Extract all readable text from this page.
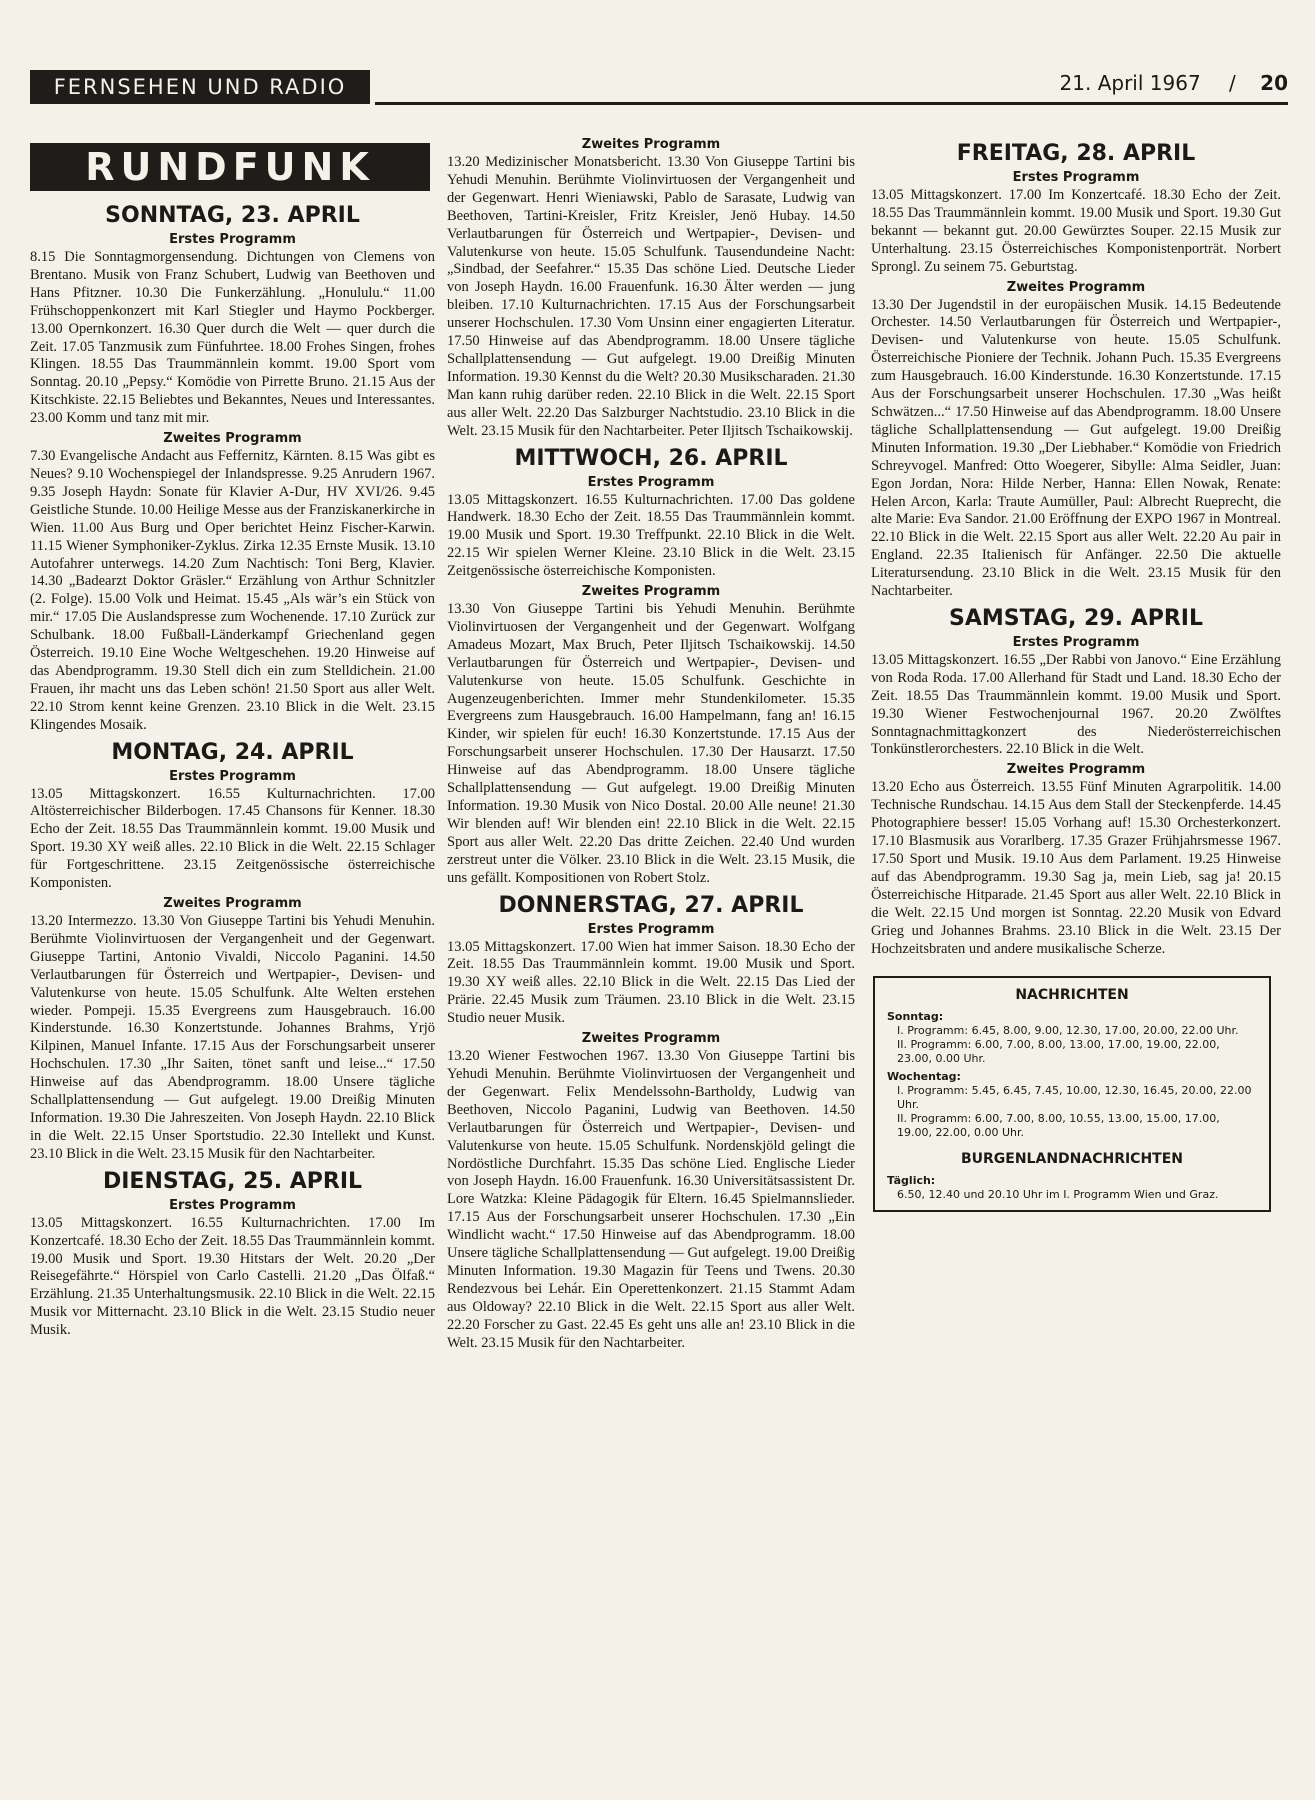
FERNSEHEN UND RADIO	21. April 1967 / 20
RUNDFUNK
SONNTAG, 23. APRIL
Erstes Programm

8.15 Die Sonntagmorgensendung. Dichtungen von Clemens von Brentano. Musik von Franz Schubert, Ludwig van Beethoven und Hans Pfitzner. 10.30 Die Funkerzählung. „Honululu.“ 11.00 Frühschoppenkonzert mit Karl Stiegler und Haymo Pockberger. 13.00 Opernkonzert. 16.30 Quer durch die Welt — quer durch die Zeit. 17.05 Tanzmusik zum Fünfuhrtee. 18.00 Frohes Singen, frohes Klingen. 18.55 Das Traummännlein kommt. 19.00 Sport vom Sonntag. 20.10 „Pepsy.“ Komödie von Pirrette Bruno. 21.15 Aus der Kitschkiste. 22.15 Beliebtes und Bekanntes, Neues und Interessantes. 23.00 Komm und tanz mit mir.

Zweites Programm

7.30 Evangelische Andacht aus Feffernitz, Kärnten. 8.15 Was gibt es Neues? 9.10 Wochenspiegel der Inlandspresse. 9.25 Anrudern 1967. 9.35 Joseph Haydn: Sonate für Klavier A-Dur, HV XVI/26. 9.45 Geistliche Stunde. 10.00 Heilige Messe aus der Franziskanerkirche in Wien. 11.00 Aus Burg und Oper berichtet Heinz Fischer-Karwin. 11.15 Wiener Symphoniker-Zyklus. Zirka 12.35 Ernste Musik. 13.10 Autofahrer unterwegs. 14.20 Zum Nachtisch: Toni Berg, Klavier. 14.30 „Badearzt Doktor Gräsler.“ Erzählung von Arthur Schnitzler (2. Folge). 15.00 Volk und Heimat. 15.45 „Als wär’s ein Stück von mir.“ 17.05 Die Auslandspresse zum Wochenende. 17.10 Zurück zur Schulbank. 18.00 Fußball-Länderkampf Griechenland gegen Österreich. 19.10 Eine Woche Weltgeschehen. 19.20 Hinweise auf das Abendprogramm. 19.30 Stell dich ein zum Stelldichein. 21.00 Frauen, ihr macht uns das Leben schön! 21.50 Sport aus aller Welt. 22.10 Strom kennt keine Grenzen. 23.10 Blick in die Welt. 23.15 Klingendes Mosaik.

MONTAG, 24. APRIL
Erstes Programm

13.05 Mittagskonzert. 16.55 Kulturnachrichten. 17.00 Altösterreichischer Bilderbogen. 17.45 Chansons für Kenner. 18.30 Echo der Zeit. 18.55 Das Traummännlein kommt. 19.00 Musik und Sport. 19.30 XY weiß alles. 22.10 Blick in die Welt. 22.15 Schlager für Fortgeschrittene. 23.15 Zeitgenössische österreichische Komponisten.

Zweites Programm

13.20 Intermezzo. 13.30 Von Giuseppe Tartini bis Yehudi Menuhin. Berühmte Violinvirtuosen der Vergangenheit und der Gegenwart. Giuseppe Tartini, Antonio Vivaldi, Niccolo Paganini. 14.50 Verlautbarungen für Österreich und Wertpapier-, Devisen- und Valutenkurse von heute. 15.05 Schulfunk. Alte Welten erstehen wieder. Pompeji. 15.35 Evergreens zum Hausgebrauch. 16.00 Kinderstunde. 16.30 Konzertstunde. Johannes Brahms, Yrjö Kilpinen, Manuel Infante. 17.15 Aus der Forschungsarbeit unserer Hochschulen. 17.30 „Ihr Saiten, tönet sanft und leise...“ 17.50 Hinweise auf das Abendprogramm. 18.00 Unsere tägliche Schallplattensendung — Gut aufgelegt. 19.00 Dreißig Minuten Information. 19.30 Die Jahreszeiten. Von Joseph Haydn. 22.10 Blick in die Welt. 22.15 Unser Sportstudio. 22.30 Intellekt und Kunst. 23.10 Blick in die Welt. 23.15 Musik für den Nachtarbeiter.

DIENSTAG, 25. APRIL
Erstes Programm

13.05 Mittagskonzert. 16.55 Kulturnachrichten. 17.00 Im Konzertcafé. 18.30 Echo der Zeit. 18.55 Das Traummännlein kommt. 19.00 Musik und Sport. 19.30 Hitstars der Welt. 20.20 „Der Reisegefährte.“ Hörspiel von Carlo Castelli. 21.20 „Das Ölfaß.“ Erzählung. 21.35 Unterhaltungsmusik. 22.10 Blick in die Welt. 22.15 Musik vor Mitternacht. 23.10 Blick in die Welt. 23.15 Studio neuer Musik.

Zweites Programm

13.20 Medizinischer Monatsbericht. 13.30 Von Giuseppe Tartini bis Yehudi Menuhin. Berühmte Violinvirtuosen der Vergangenheit und der Gegenwart. Henri Wieniawski, Pablo de Sarasate, Ludwig van Beethoven, Tartini-Kreisler, Fritz Kreisler, Jenö Hubay. 14.50 Verlautbarungen für Österreich und Wertpapier-, Devisen- und Valutenkurse von heute. 15.05 Schulfunk. Tausendundeine Nacht: „Sindbad, der Seefahrer.“ 15.35 Das schöne Lied. Deutsche Lieder von Joseph Haydn. 16.00 Frauenfunk. 16.30 Älter werden — jung bleiben. 17.10 Kulturnachrichten. 17.15 Aus der Forschungsarbeit unserer Hochschulen. 17.30 Vom Unsinn einer engagierten Literatur. 17.50 Hinweise auf das Abendprogramm. 18.00 Unsere tägliche Schallplattensendung — Gut aufgelegt. 19.00 Dreißig Minuten Information. 19.30 Kennst du die Welt? 20.30 Musikscharaden. 21.30 Man kann ruhig darüber reden. 22.10 Blick in die Welt. 22.15 Sport aus aller Welt. 22.20 Das Salzburger Nachtstudio. 23.10 Blick in die Welt. 23.15 Musik für den Nachtarbeiter. Peter Iljitsch Tschaikowskij.

MITTWOCH, 26. APRIL
Erstes Programm

13.05 Mittagskonzert. 16.55 Kulturnachrichten. 17.00 Das goldene Handwerk. 18.30 Echo der Zeit. 18.55 Das Traummännlein kommt. 19.00 Musik und Sport. 19.30 Treffpunkt. 22.10 Blick in die Welt. 22.15 Wir spielen Werner Kleine. 23.10 Blick in die Welt. 23.15 Zeitgenössische österreichische Komponisten.

Zweites Programm

13.30 Von Giuseppe Tartini bis Yehudi Menuhin. Berühmte Violinvirtuosen der Vergangenheit und der Gegenwart. Wolfgang Amadeus Mozart, Max Bruch, Peter Iljitsch Tschaikowskij. 14.50 Verlautbarungen für Österreich und Wertpapier-, Devisen- und Valutenkurse von heute. 15.05 Schulfunk. Geschichte in Augenzeugenberichten. Immer mehr Stundenkilometer. 15.35 Evergreens zum Hausgebrauch. 16.00 Hampelmann, fang an! 16.15 Kinder, wir spielen für euch! 16.30 Konzertstunde. 17.15 Aus der Forschungsarbeit unserer Hochschulen. 17.30 Der Hausarzt. 17.50 Hinweise auf das Abendprogramm. 18.00 Unsere tägliche Schallplattensendung — Gut aufgelegt. 19.00 Dreißig Minuten Information. 19.30 Musik von Nico Dostal. 20.00 Alle neune! 21.30 Wir blenden auf! Wir blenden ein! 22.10 Blick in die Welt. 22.15 Sport aus aller Welt. 22.20 Das dritte Zeichen. 22.40 Und wurden zerstreut unter die Völker. 23.10 Blick in die Welt. 23.15 Musik, die uns gefällt. Kompositionen von Robert Stolz.

DONNERSTAG, 27. APRIL
Erstes Programm

13.05 Mittagskonzert. 17.00 Wien hat immer Saison. 18.30 Echo der Zeit. 18.55 Das Traummännlein kommt. 19.00 Musik und Sport. 19.30 XY weiß alles. 22.10 Blick in die Welt. 22.15 Das Lied der Prärie. 22.45 Musik zum Träumen. 23.10 Blick in die Welt. 23.15 Studio neuer Musik.

Zweites Programm

13.20 Wiener Festwochen 1967. 13.30 Von Giuseppe Tartini bis Yehudi Menuhin. Berühmte Violinvirtuosen der Vergangenheit und der Gegenwart. Felix Mendelssohn-Bartholdy, Ludwig van Beethoven, Niccolo Paganini, Ludwig van Beethoven. 14.50 Verlautbarungen für Österreich und Wertpapier-, Devisen- und Valutenkurse von heute. 15.05 Schulfunk. Nordenskjöld gelingt die Nordöstliche Durchfahrt. 15.35 Das schöne Lied. Englische Lieder von Joseph Haydn. 16.00 Frauenfunk. 16.30 Universitätsassistent Dr. Lore Watzka: Kleine Pädagogik für Eltern. 16.45 Spielmannslieder. 17.15 Aus der Forschungsarbeit unserer Hochschulen. 17.30 „Ein Windlicht wacht.“ 17.50 Hinweise auf das Abendprogramm. 18.00 Unsere tägliche Schallplattensendung — Gut aufgelegt. 19.00 Dreißig Minuten Information. 19.30 Magazin für Teens und Twens. 20.30 Rendezvous bei Lehár. Ein Operettenkonzert. 21.15 Stammt Adam aus Oldoway? 22.10 Blick in die Welt. 22.15 Sport aus aller Welt. 22.20 Forscher zu Gast. 22.45 Es geht uns alle an! 23.10 Blick in die Welt. 23.15 Musik für den Nachtarbeiter.

FREITAG, 28. APRIL
Erstes Programm

13.05 Mittagskonzert. 17.00 Im Konzertcafé. 18.30 Echo der Zeit. 18.55 Das Traummännlein kommt. 19.00 Musik und Sport. 19.30 Gut bekannt — bekannt gut. 20.00 Gewürztes Souper. 22.15 Musik zur Unterhaltung. 23.15 Österreichisches Komponistenporträt. Norbert Sprongl. Zu seinem 75. Geburtstag.

Zweites Programm

13.30 Der Jugendstil in der europäischen Musik. 14.15 Bedeutende Orchester. 14.50 Verlautbarungen für Österreich und Wertpapier-, Devisen- und Valutenkurse von heute. 15.05 Schulfunk. Österreichische Pioniere der Technik. Johann Puch. 15.35 Evergreens zum Hausgebrauch. 16.00 Kinderstunde. 16.30 Konzertstunde. 17.15 Aus der Forschungsarbeit unserer Hochschulen. 17.30 „Was heißt Schwätzen...“ 17.50 Hinweise auf das Abendprogramm. 18.00 Unsere tägliche Schallplattensendung — Gut aufgelegt. 19.00 Dreißig Minuten Information. 19.30 „Der Liebhaber.“ Komödie von Friedrich Schreyvogel. Manfred: Otto Woegerer, Sibylle: Alma Seidler, Juan: Egon Jordan, Nora: Hilde Nerber, Hanna: Ellen Nowak, Renate: Helen Arcon, Karla: Traute Aumüller, Paul: Albrecht Rueprecht, die alte Marie: Eva Sandor. 21.00 Eröffnung der EXPO 1967 in Montreal. 22.10 Blick in die Welt. 22.15 Sport aus aller Welt. 22.20 Au pair in England. 22.35 Italienisch für Anfänger. 22.50 Die aktuelle Literatursendung. 23.10 Blick in die Welt. 23.15 Musik für den Nachtarbeiter.

SAMSTAG, 29. APRIL
Erstes Programm

13.05 Mittagskonzert. 16.55 „Der Rabbi von Janovo.“ Eine Erzählung von Roda Roda. 17.00 Allerhand für Stadt und Land. 18.30 Echo der Zeit. 18.55 Das Traummännlein kommt. 19.00 Musik und Sport. 19.30 Wiener Festwochenjournal 1967. 20.20 Zwölftes Sonntagnachmittagkonzert des Niederösterreichischen Tonkünstlerorchesters. 22.10 Blick in die Welt.

Zweites Programm

13.20 Echo aus Österreich. 13.55 Fünf Minuten Agrarpolitik. 14.00 Technische Rundschau. 14.15 Aus dem Stall der Steckenpferde. 14.45 Photographiere besser! 15.05 Vorhang auf! 15.30 Orchesterkonzert. 17.10 Blasmusik aus Vorarlberg. 17.35 Grazer Frühjahrsmesse 1967. 17.50 Sport und Musik. 19.10 Aus dem Parlament. 19.25 Hinweise auf das Abendprogramm. 19.30 Sag ja, mein Lieb, sag ja! 20.15 Österreichische Hitparade. 21.45 Sport aus aller Welt. 22.10 Blick in die Welt. 22.15 Und morgen ist Sonntag. 22.20 Musik von Edvard Grieg und Johannes Brahms. 23.10 Blick in die Welt. 23.15 Der Hochzeitsbraten und andere musikalische Scherze.

NACHRICHTEN
Sonntag:
I. Programm: 6.45, 8.00, 9.00, 12.30, 17.00, 20.00, 22.00 Uhr.
II. Programm: 6.00, 7.00, 8.00, 13.00, 17.00, 19.00, 22.00, 23.00, 0.00 Uhr.
Wochentag:
I. Programm: 5.45, 6.45, 7.45, 10.00, 12.30, 16.45, 20.00, 22.00 Uhr.
II. Programm: 6.00, 7.00, 8.00, 10.55, 13.00, 15.00, 17.00, 19.00, 22.00, 0.00 Uhr.
BURGENLANDNACHRICHTEN
Täglich:
6.50, 12.40 und 20.10 Uhr im I. Programm Wien und Graz.
